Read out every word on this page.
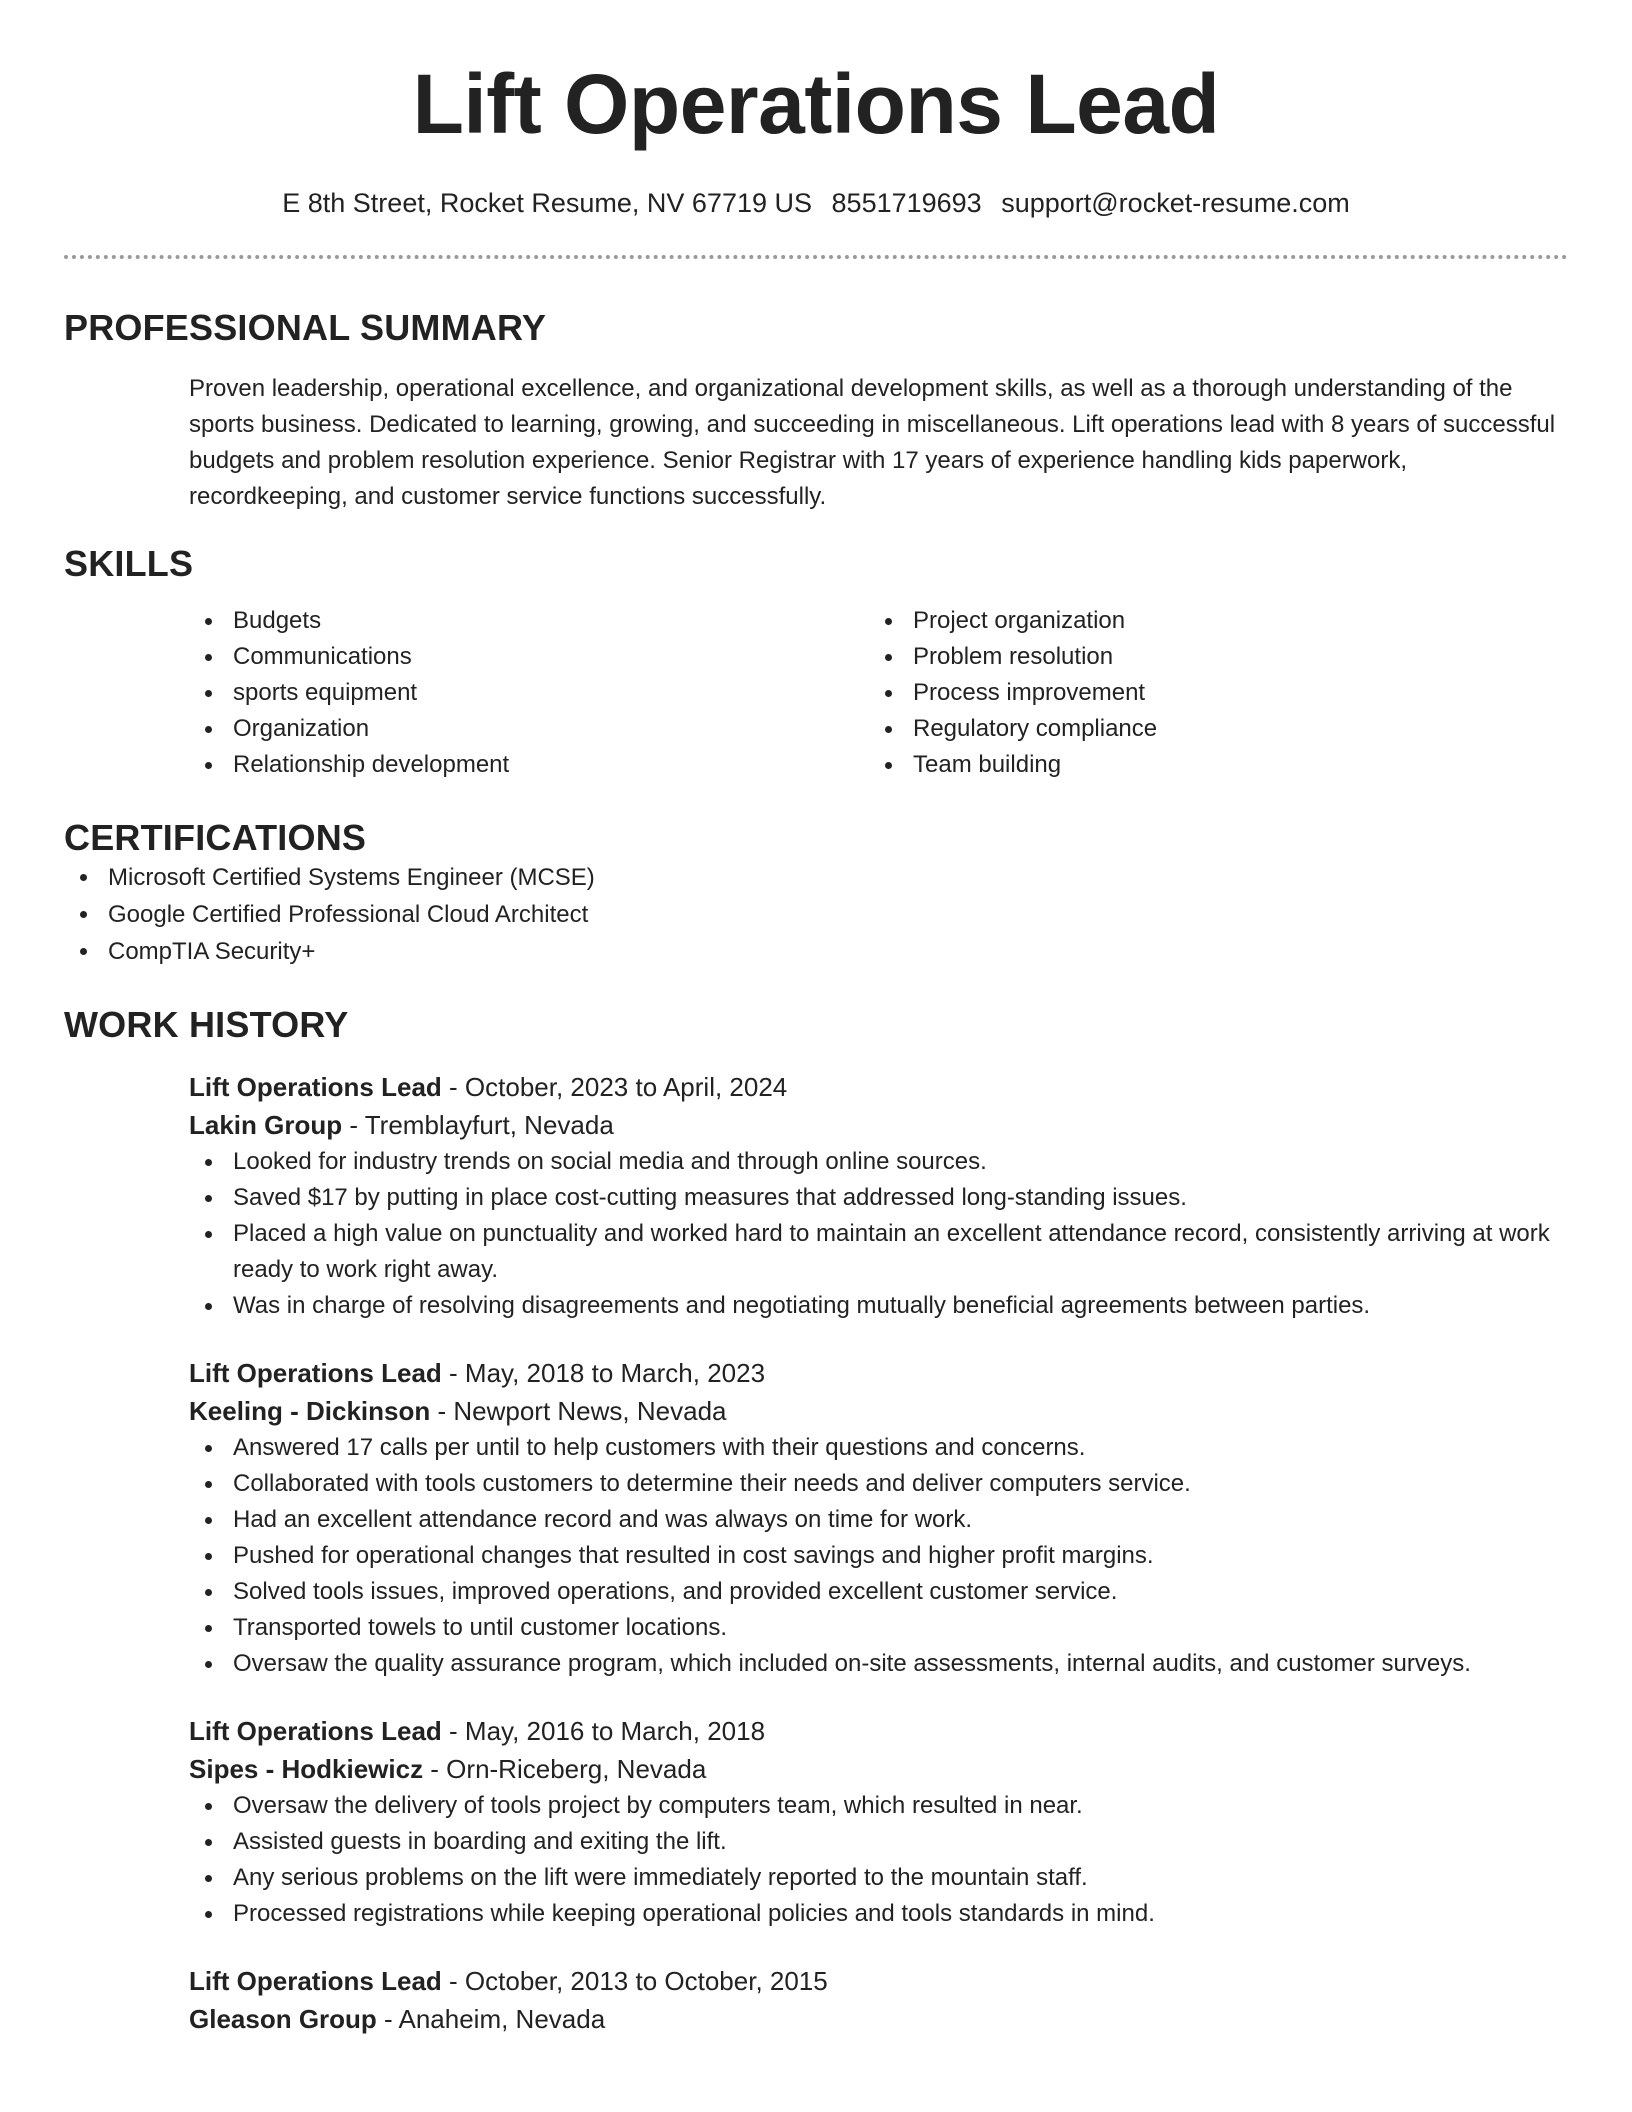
Lift Operations Lead
E 8th Street, Rocket Resume, NV 67719 US 8551719693 support@rocket-resume.com
PROFESSIONAL SUMMARY

Proven leadership, operational excellence, and organizational development skills, as well as a thorough understanding of the sports business. Dedicated to learning, growing, and succeeding in miscellaneous. Lift operations lead with 8 years of successful budgets and problem resolution experience. Senior Registrar with 17 years of experience handling kids paperwork, recordkeeping, and customer service functions successfully.

SKILLS
Budgets
Communications
sports equipment
Organization
Relationship development
Project organization
Problem resolution
Process improvement
Regulatory compliance
Team building
CERTIFICATIONS
Microsoft Certified Systems Engineer (MCSE)
Google Certified Professional Cloud Architect
CompTIA Security+
WORK HISTORY
Lift Operations Lead - October, 2023 to April, 2024
Lakin Group - Tremblayfurt, Nevada
Looked for industry trends on social media and through online sources.
Saved $17 by putting in place cost-cutting measures that addressed long-standing issues.
Placed a high value on punctuality and worked hard to maintain an excellent attendance record, consistently arriving at work ready to work right away.
Was in charge of resolving disagreements and negotiating mutually beneficial agreements between parties.
Lift Operations Lead - May, 2018 to March, 2023
Keeling - Dickinson - Newport News, Nevada
Answered 17 calls per until to help customers with their questions and concerns.
Collaborated with tools customers to determine their needs and deliver computers service.
Had an excellent attendance record and was always on time for work.
Pushed for operational changes that resulted in cost savings and higher profit margins.
Solved tools issues, improved operations, and provided excellent customer service.
Transported towels to until customer locations.
Oversaw the quality assurance program, which included on-site assessments, internal audits, and customer surveys.
Lift Operations Lead - May, 2016 to March, 2018
Sipes - Hodkiewicz - Orn-Riceberg, Nevada
Oversaw the delivery of tools project by computers team, which resulted in near.
Assisted guests in boarding and exiting the lift.
Any serious problems on the lift were immediately reported to the mountain staff.
Processed registrations while keeping operational policies and tools standards in mind.
Lift Operations Lead - October, 2013 to October, 2015
Gleason Group - Anaheim, Nevada
